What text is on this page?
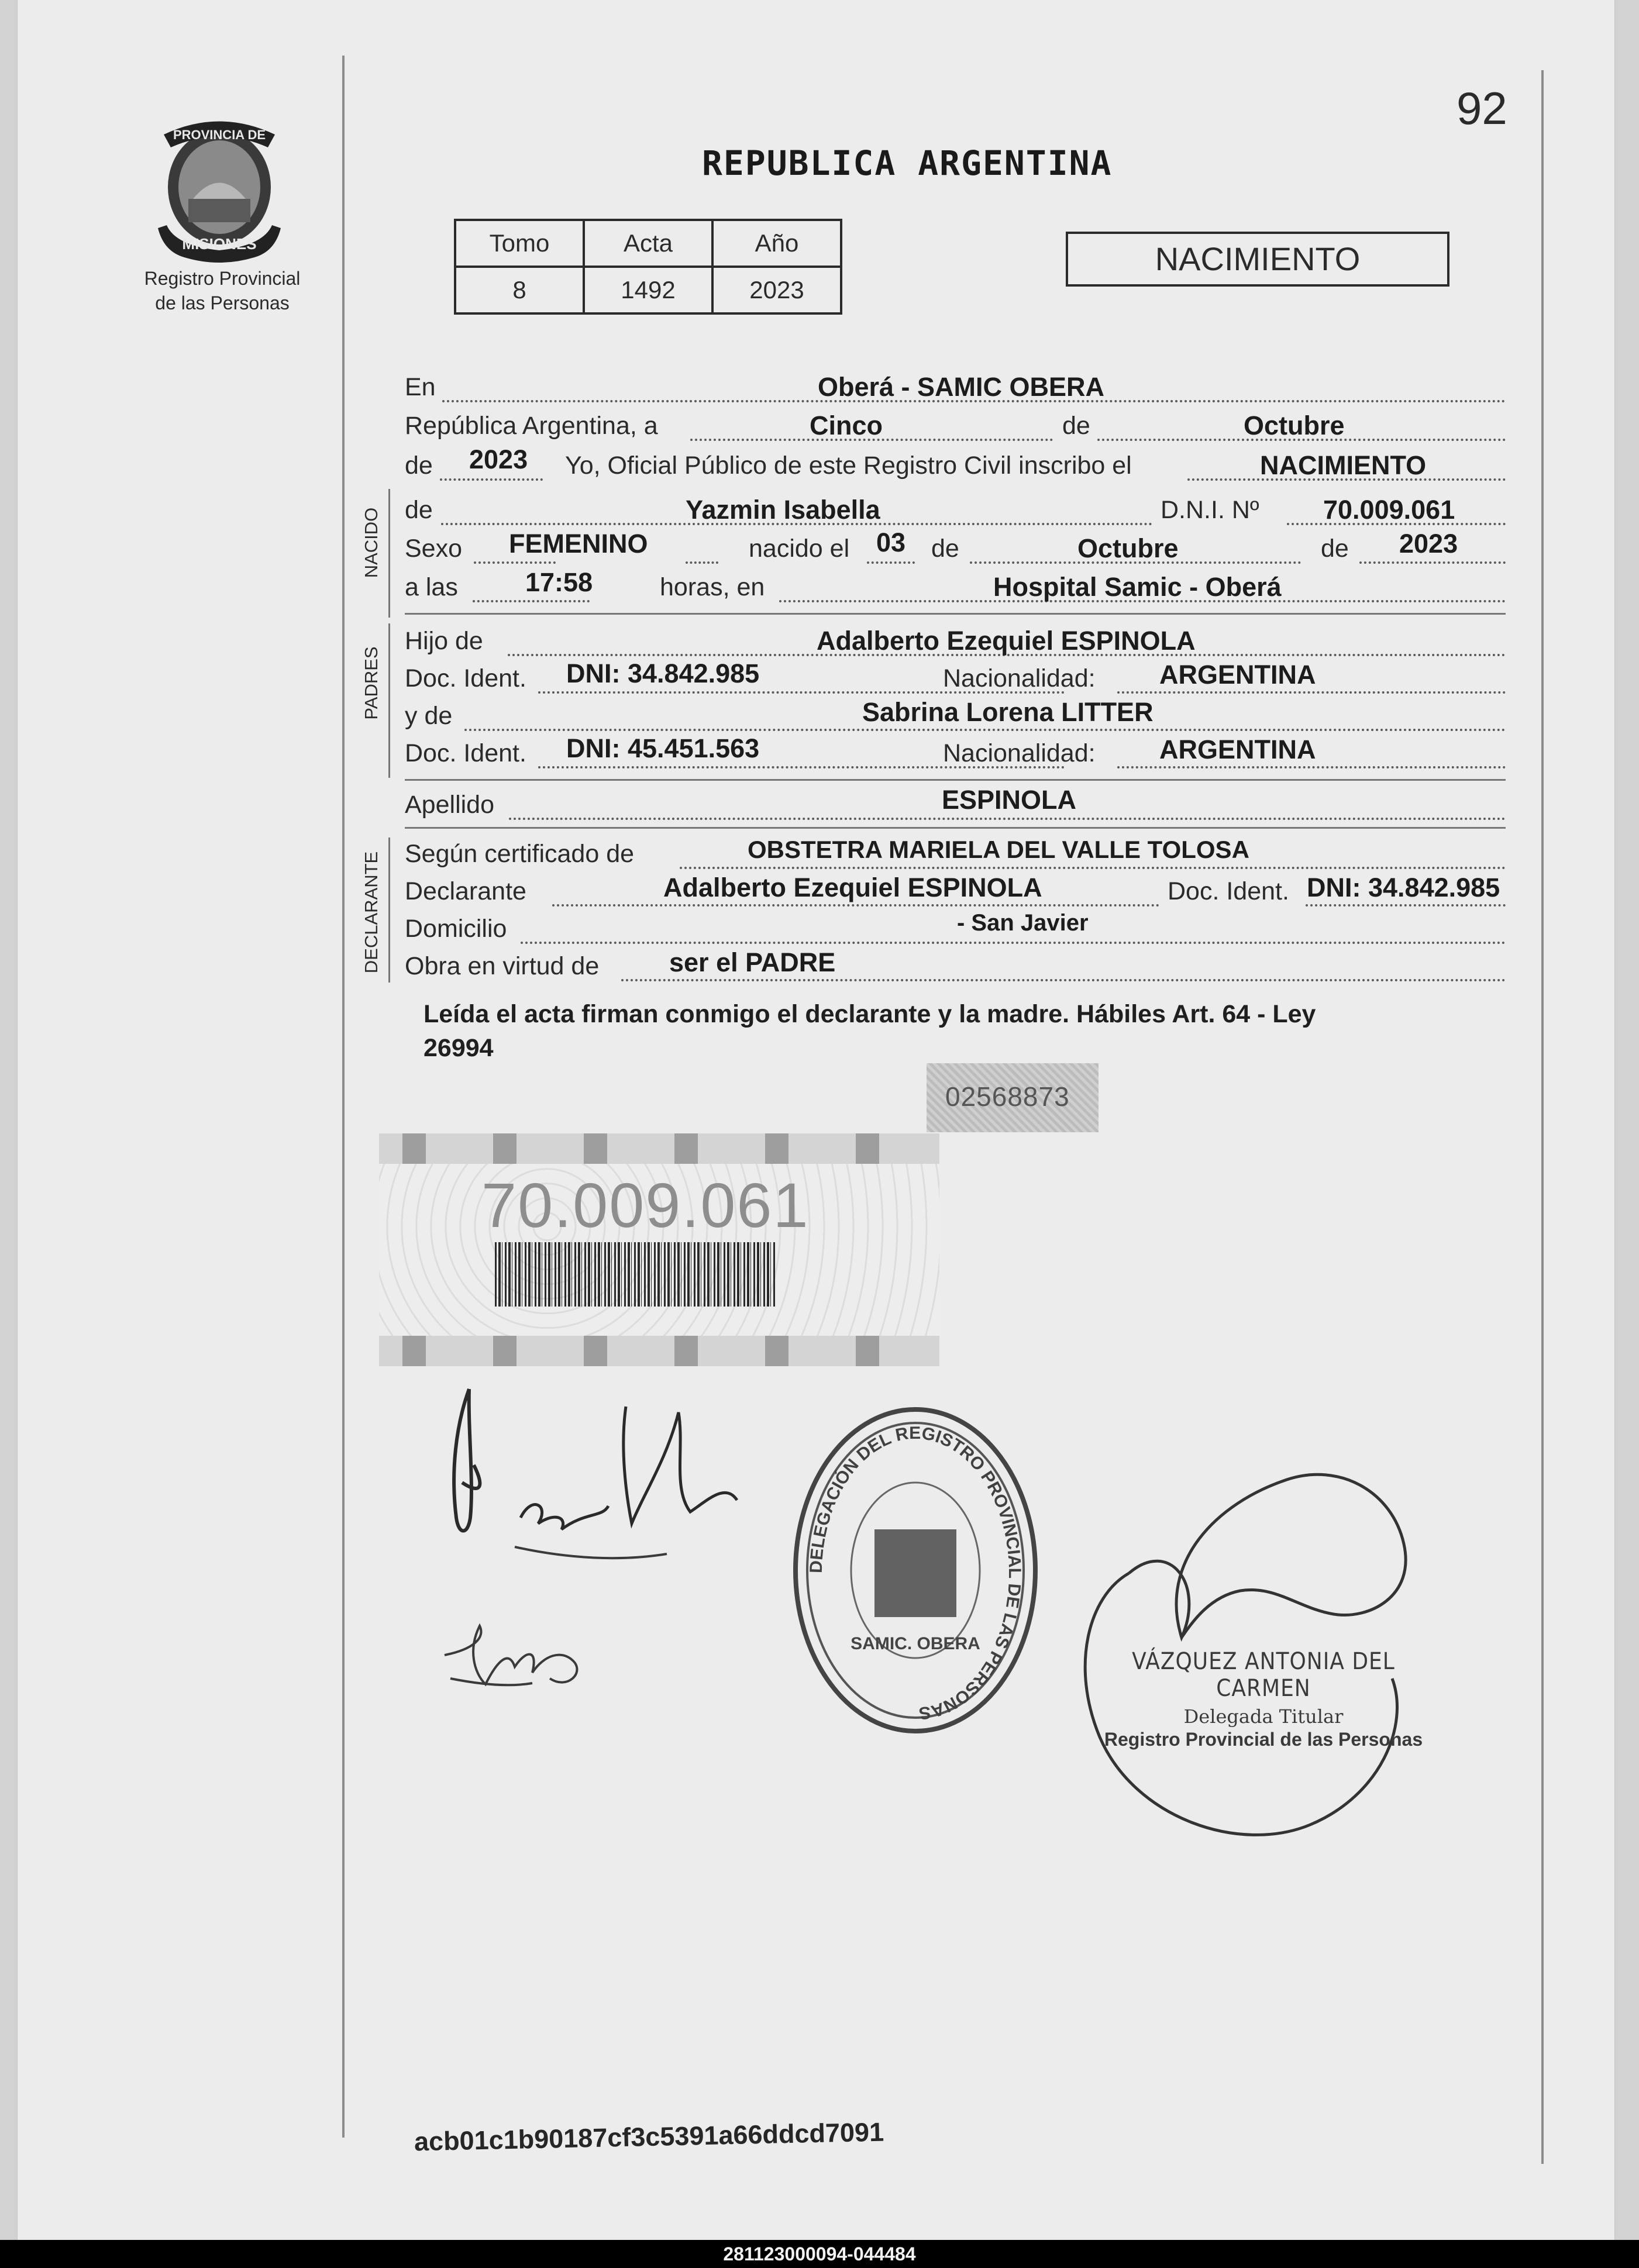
92
PROVINCIA DE
MISIONES
Registro Provincial
de las Personas
REPUBLICA ARGENTINA
Tomo	Acta	Año
8	1492	2023
NACIMIENTO
En	Oberá - SAMIC OBERA
República Argentina, a	Cinco	de	Octubre
de 2023 Yo, Oficial Público de este Registro Civil inscribo el	NACIMIENTO
NACIDO de	Yazmin Isabella	D.N.I. Nº 70.009.061
Sexo FEMENINO	nacido el 03 de	Octubre	de 2023
a las	17:58	horas, en	Hospital Samic - Oberá
PADRES
Hijo de	Adalberto Ezequiel ESPINOLA
Doc. Ident. DNI: 34.842.985	Nacionalidad: ARGENTINA
y de	Sabrina Lorena LITTER
Doc. Ident. DNI: 45.451.563	Nacionalidad: ARGENTINA
Apellido	ESPINOLA
DECLARANTE Según certificado de	OBSTETRA MARIELA DEL VALLE TOLOSA
Declarante	Adalberto Ezequiel ESPINOLA	Doc. Ident. DNI: 34.842.985
Domicilio	- San Javier
Obra en virtud de	ser el PADRE
Leída el acta firman conmigo el declarante y la madre. Hábiles Art. 64 - Ley
26994
02568873
70.009.061
DELEGACIÓN DEL REGISTRO PROVINCIAL DE LAS PERSONAS
SAMIC. OBERA
VÁZQUEZ ANTONIA DEL CARMEN
Delegada Titular
Registro Provincial de las Personas
acb01c1b90187cf3c5391a66ddcd7091
281123000094-044484
